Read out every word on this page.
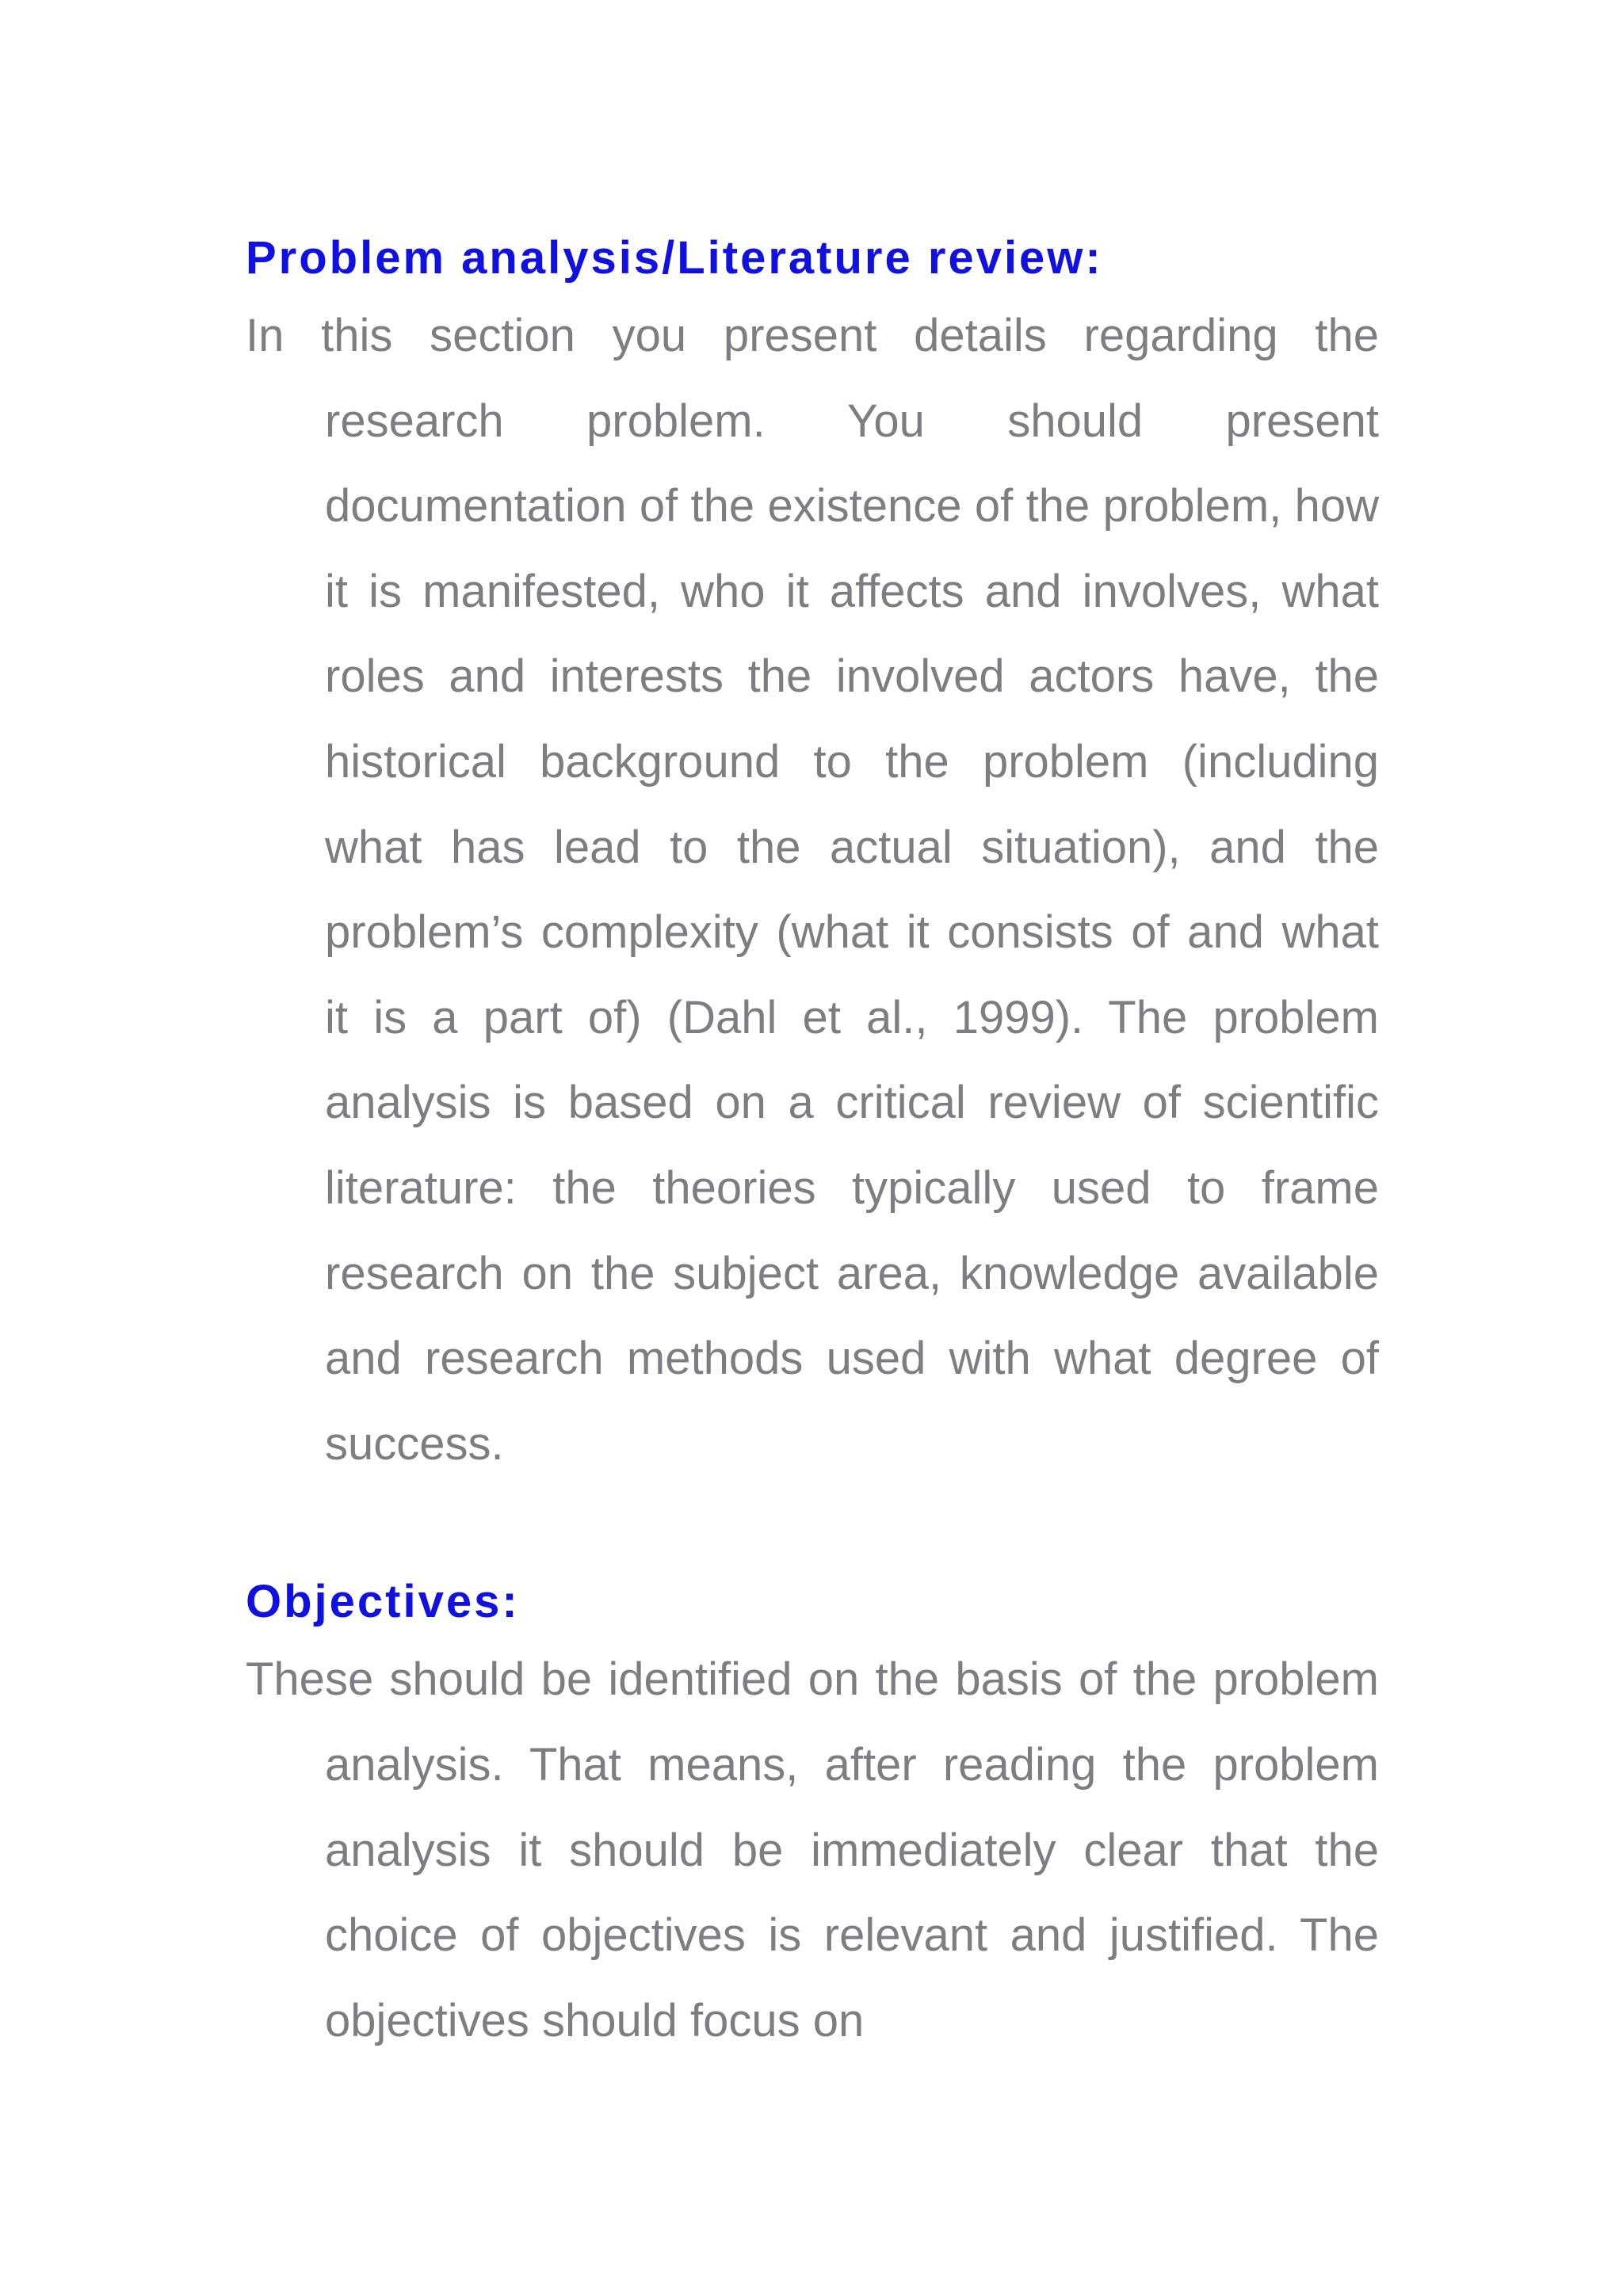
Problem analysis/Literature review:

In this section you present details regarding the research problem. You should present documentation of the existence of the problem, how it is manifested, who it affects and involves, what roles and interests the involved actors have, the historical background to the problem (including what has lead to the actual situation), and the problem’s complexity (what it consists of and what it is a part of) (Dahl et al., 1999). The problem analysis is based on a critical review of scientific literature: the theories typically used to frame research on the subject area, knowledge available and research methods used with what degree of success.

Objectives:

These should be identified on the basis of the problem analysis. That means, after reading the problem analysis it should be immediately clear that the choice of objectives is relevant and justified. The objectives should focus on
